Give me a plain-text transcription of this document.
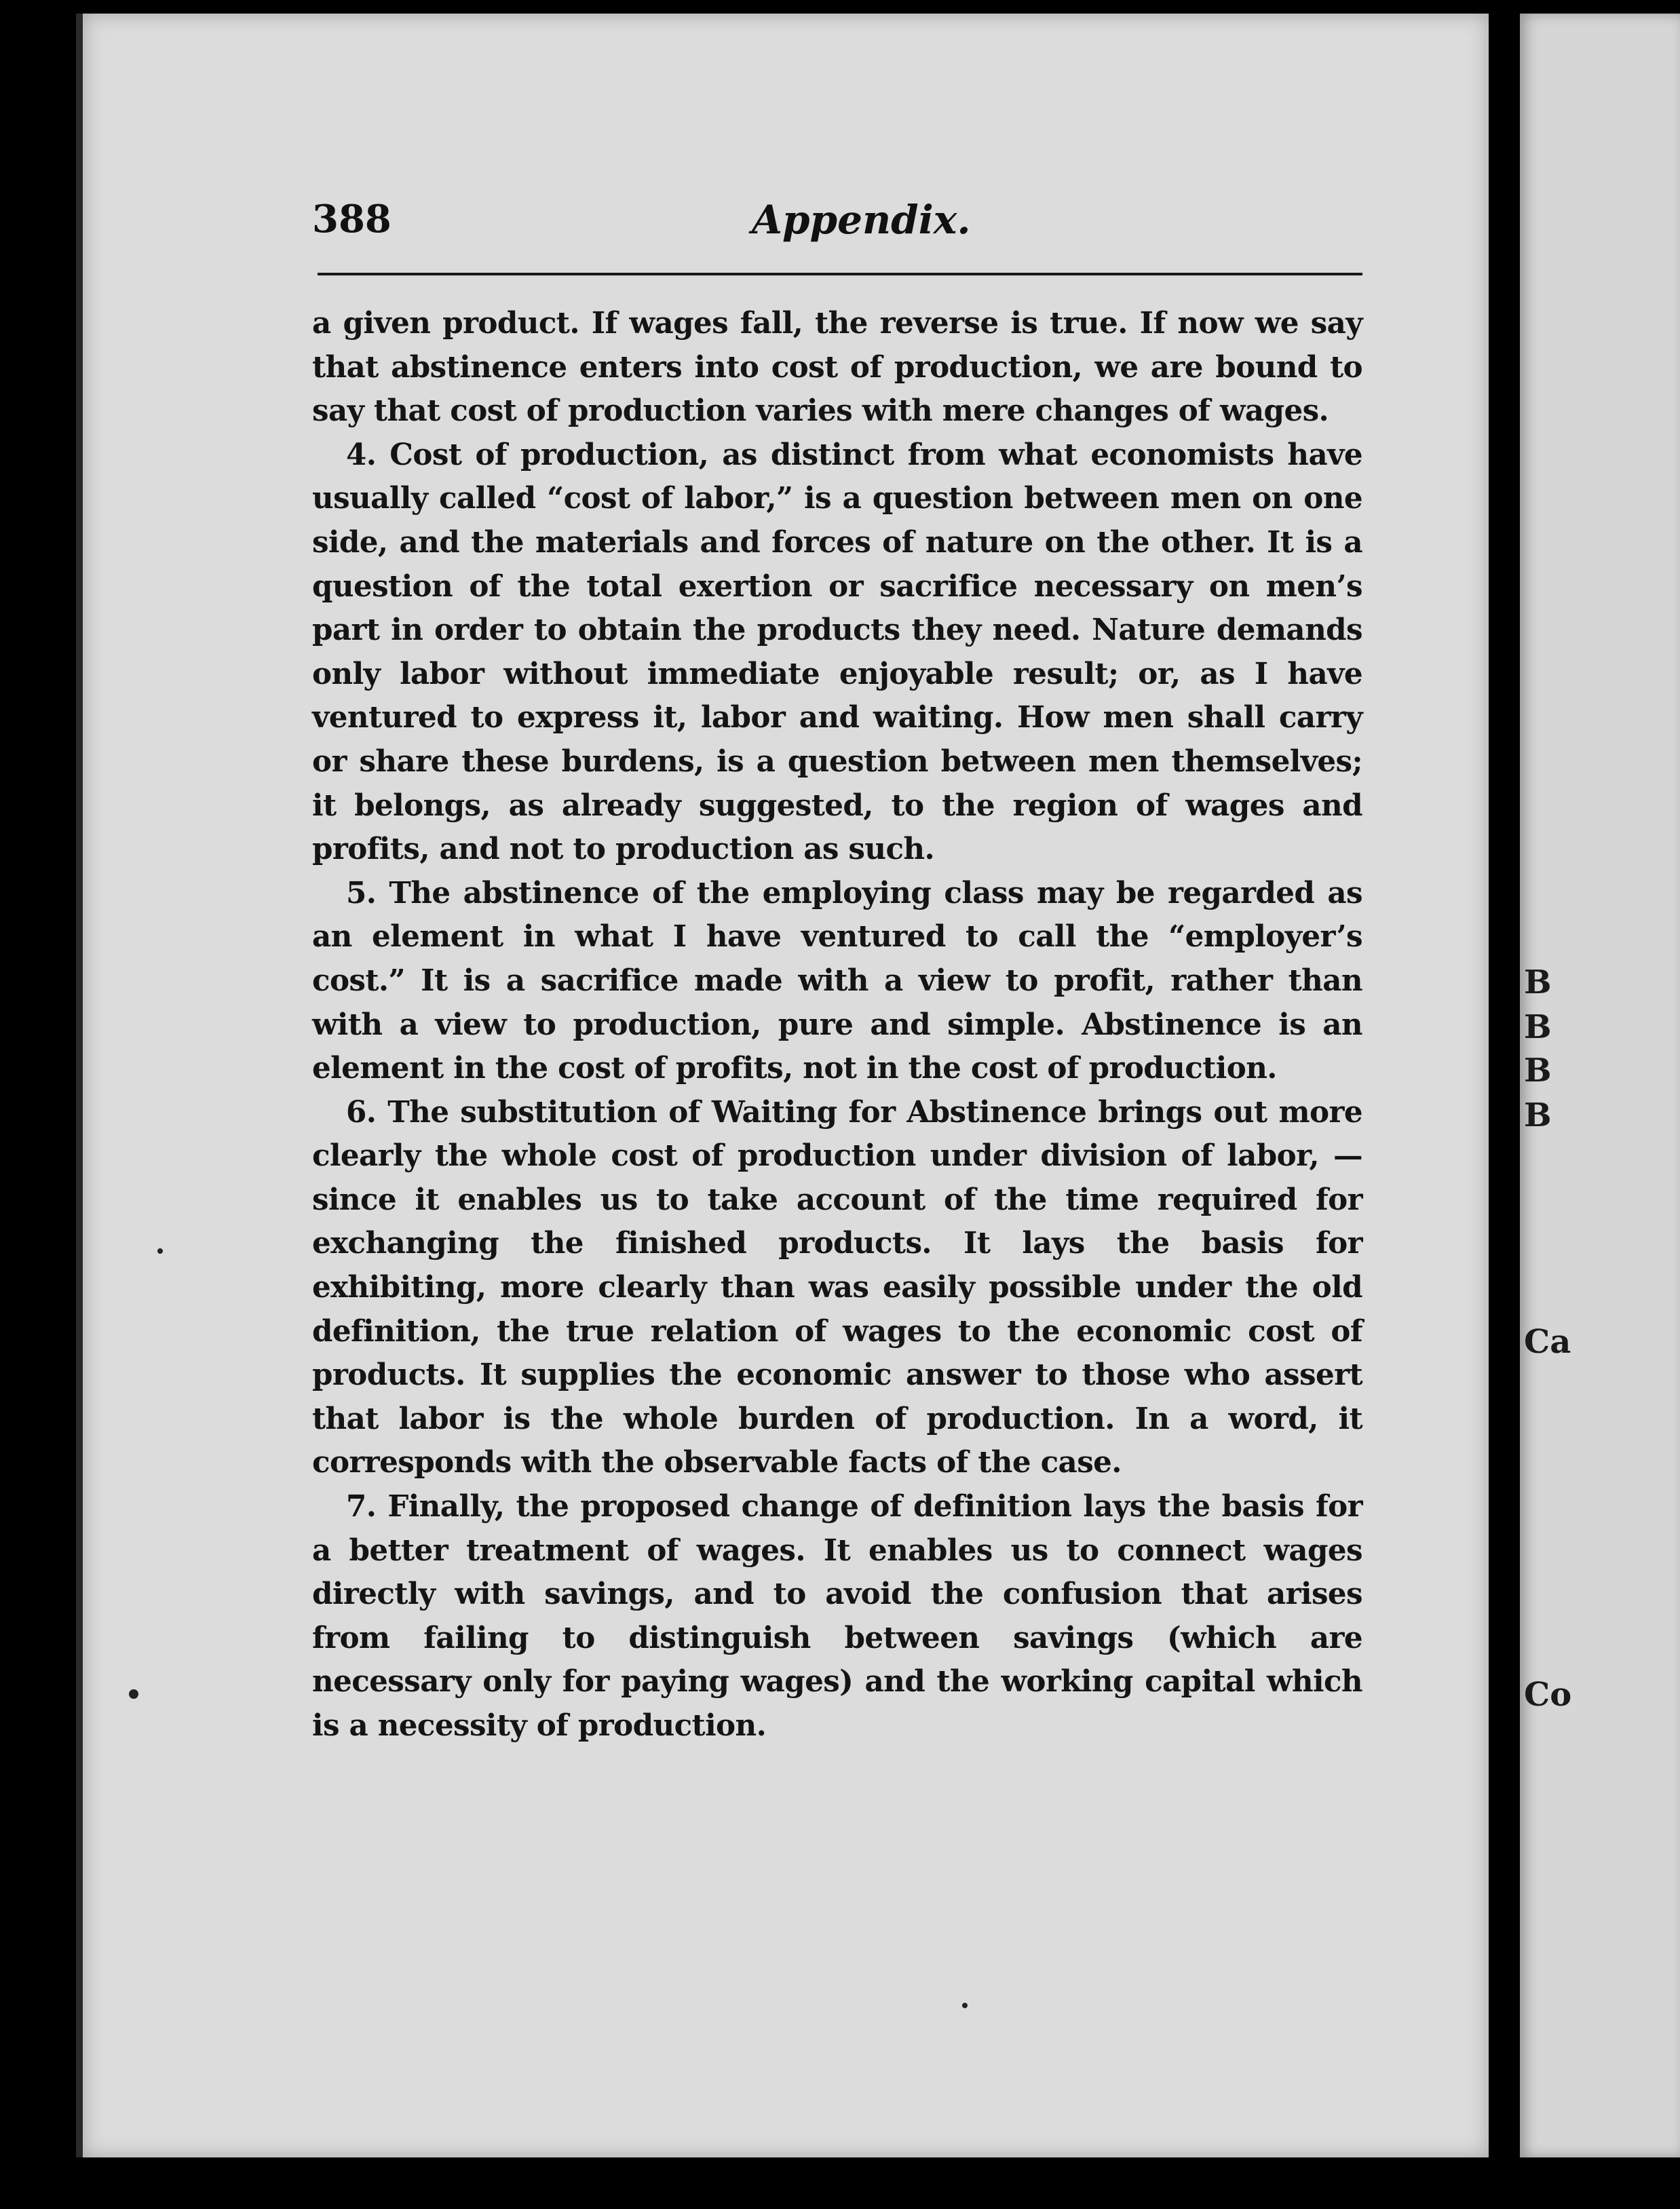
B
B
B
B
Ca
Co
388	Appendix.

a given product. If wages fall, the reverse is true. If now we say that abstinence enters into cost of production, we are bound to say that cost of production varies with mere changes of wages.

4. Cost of production, as distinct from what economists have usually called “cost of labor,” is a question between men on one side, and the materials and forces of nature on the other. It is a question of the total exertion or sacrifice necessary on men’s part in order to obtain the products they need. Nature demands only labor without immediate enjoyable result; or, as I have ventured to express it, labor and waiting. How men shall carry or share these burdens, is a question between men themselves; it belongs, as already suggested, to the region of wages and profits, and not to production as such.

5. The abstinence of the employing class may be regarded as an element in what I have ventured to call the “employer’s cost.” It is a sacrifice made with a view to profit, rather than with a view to production, pure and simple. Abstinence is an element in the cost of profits, not in the cost of production.

6. The substitution of Waiting for Abstinence brings out more clearly the whole cost of production under division of labor, — since it enables us to take account of the time required for exchanging the finished products. It lays the basis for exhibiting, more clearly than was easily possible under the old definition, the true relation of wages to the economic cost of products. It supplies the economic answer to those who assert that labor is the whole burden of production. In a word, it corresponds with the observable facts of the case.

7. Finally, the proposed change of definition lays the basis for a better treatment of wages. It enables us to connect wages directly with savings, and to avoid the confusion that arises from failing to distinguish between savings (which are necessary only for paying wages) and the working capital which is a necessity of production.
